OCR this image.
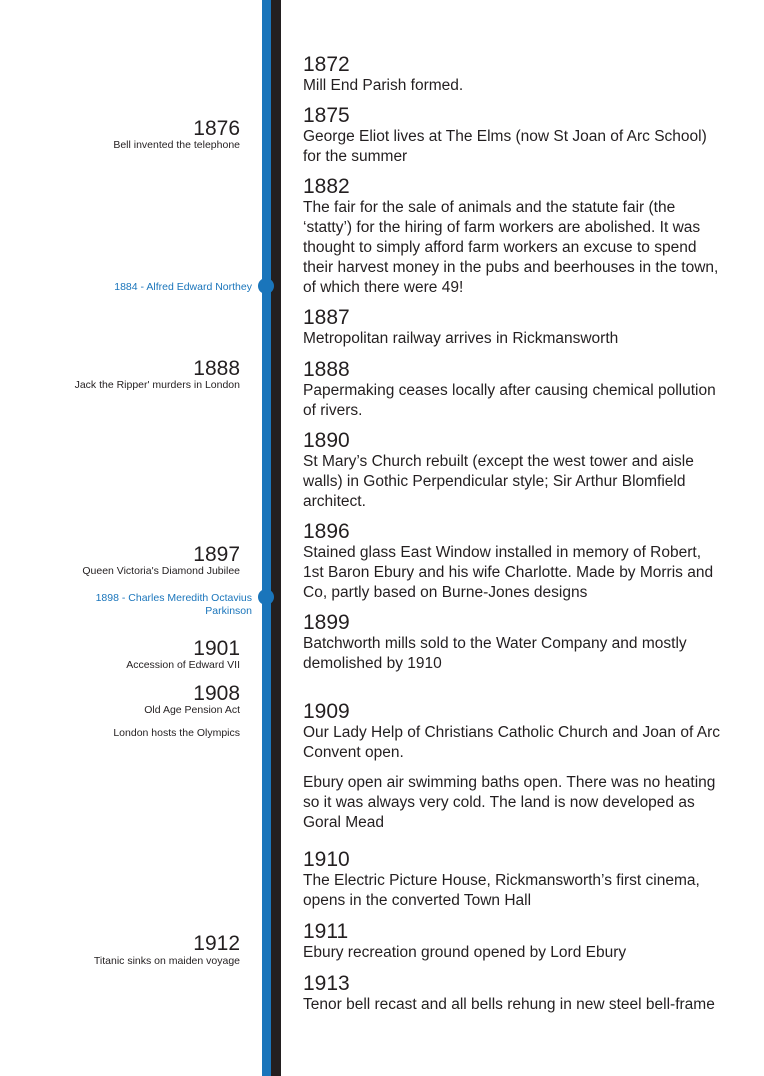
1876
Bell invented the telephone
1888
Jack the Ripper' murders in London
1897
Queen Victoria's Diamond Jubilee
1901
Accession of Edward VII
1908
Old Age Pension Act
London hosts the Olympics
1912
Titanic sinks on maiden voyage
1884 - Alfred Edward Northey
1898 - Charles Meredith Octavius Parkinson
1872
Mill End Parish formed.
1875
George Eliot lives at The Elms (now St Joan of Arc School) for the summer
1882
The fair for the sale of animals and the statute fair (the ‘statty’) for the hiring of farm workers are abolished. It was thought to simply afford farm workers an excuse to spend their harvest money in the pubs and beerhouses in the town, of which there were 49!
1887
Metropolitan railway arrives in Rickmansworth
1888
Papermaking ceases locally after causing chemical pollution of rivers.
1890
St Mary’s Church rebuilt (except the west tower and aisle walls) in Gothic Perpendicular style; Sir Arthur Blomfield architect.
1896
Stained glass East Window installed in memory of Robert, 1st Baron Ebury and his wife Charlotte. Made by Morris and Co, partly based on Burne-Jones designs
1899
Batchworth mills sold to the Water Company and mostly demolished by 1910
1909
Our Lady Help of Christians Catholic Church and Joan of Arc Convent open.
Ebury open air swimming baths open. There was no heating so it was always very cold. The land is now developed as Goral Mead
1910
The Electric Picture House, Rickmansworth’s first cinema, opens in the converted Town Hall
1911
Ebury recreation ground opened by Lord Ebury
1913
Tenor bell recast and all bells rehung in new steel bell-frame
